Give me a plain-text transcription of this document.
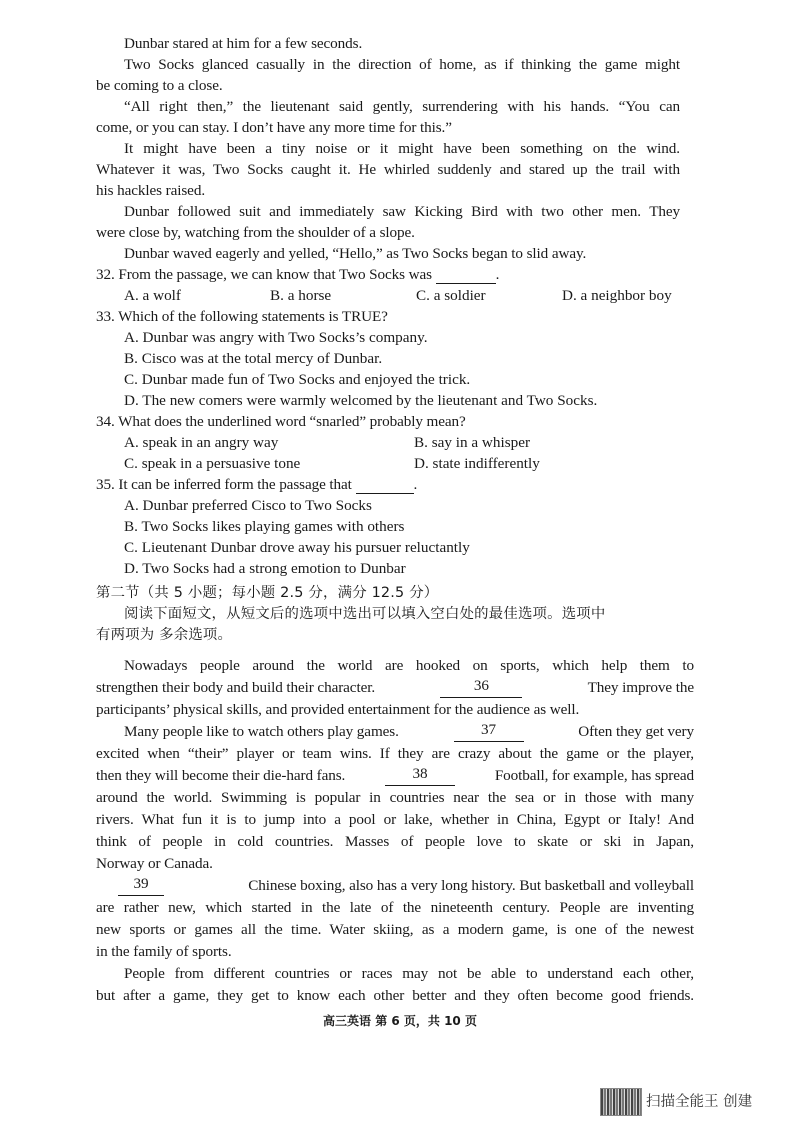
Dunbar stared at him for a few seconds.
Two Socks glanced casually in the direction of home, as if thinking the game might
be coming to a close.
“All right then,” the lieutenant said gently, surrendering with his hands. “You can
come, or you can stay. I don’t have any more time for this.”
It might have been a tiny noise or it might have been something on the wind.
Whatever it was, Two Socks caught it. He whirled suddenly and stared up the trail with
his hackles raised.
Dunbar followed suit and immediately saw Kicking Bird with two other men. They
were close by, watching from the shoulder of a slope.
Dunbar waved eagerly and yelled, “Hello,” as Two Socks began to slid away.
32. From the passage, we can know that Two Socks was	.
A. a wolf	B. a horse	C. a soldier	D. a neighbor boy
33. Which of the following statements is TRUE?
A. Dunbar was angry with Two Socks’s company.
B. Cisco was at the total mercy of Dunbar.
C. Dunbar made fun of Two Socks and enjoyed the trick.
D. The new comers were warmly welcomed by the lieutenant and Two Socks.
34. What does the underlined word “snarled” probably mean?
A. speak in an angry way	B. say in a whisper
C. speak in a persuasive tone	D. state indifferently
35. It can be inferred form the passage that	.
A. Dunbar preferred Cisco to Two Socks
B. Two Socks likes playing games with others
C. Lieutenant Dunbar drove away his pursuer reluctantly
D. Two Socks had a strong emotion to Dunbar
第二节（共 5 小题；每小题 2.5 分，满分 12.5 分）
阅读下面短文，从短文后的选项中选出可以填入空白处的最佳选项。选项中
有两项为 多余选项。
Nowadays people around the world are hooked on sports, which help them to
strengthen their body and build their character.	36	They improve the
participants’ physical skills, and provided entertainment for the audience as well.
Many people like to watch others play games.	37	Often they get very
excited when “their” player or team wins. If they are crazy about the game or the player,
then they will become their die-hard fans.	38	Football, for example, has spread
around the world. Swimming is popular in countries near the sea or in those with many
rivers. What fun it is to jump into a pool or lake, whether in China, Egypt or Italy! And
think of people in cold countries. Masses of people love to skate or ski in Japan,
Norway or Canada.
39	Chinese boxing, also has a very long history. But basketball and volleyball
are rather new, which started in the late of the nineteenth century. People are inventing
new sports or games all the time. Water skiing, as a modern game, is one of the newest
in the family of sports.
People from different countries or races may not be able to understand each other,
but after a game, they get to know each other better and they often become good friends.
高三英语 第 6 页，共 10 页
扫描全能王 创建
